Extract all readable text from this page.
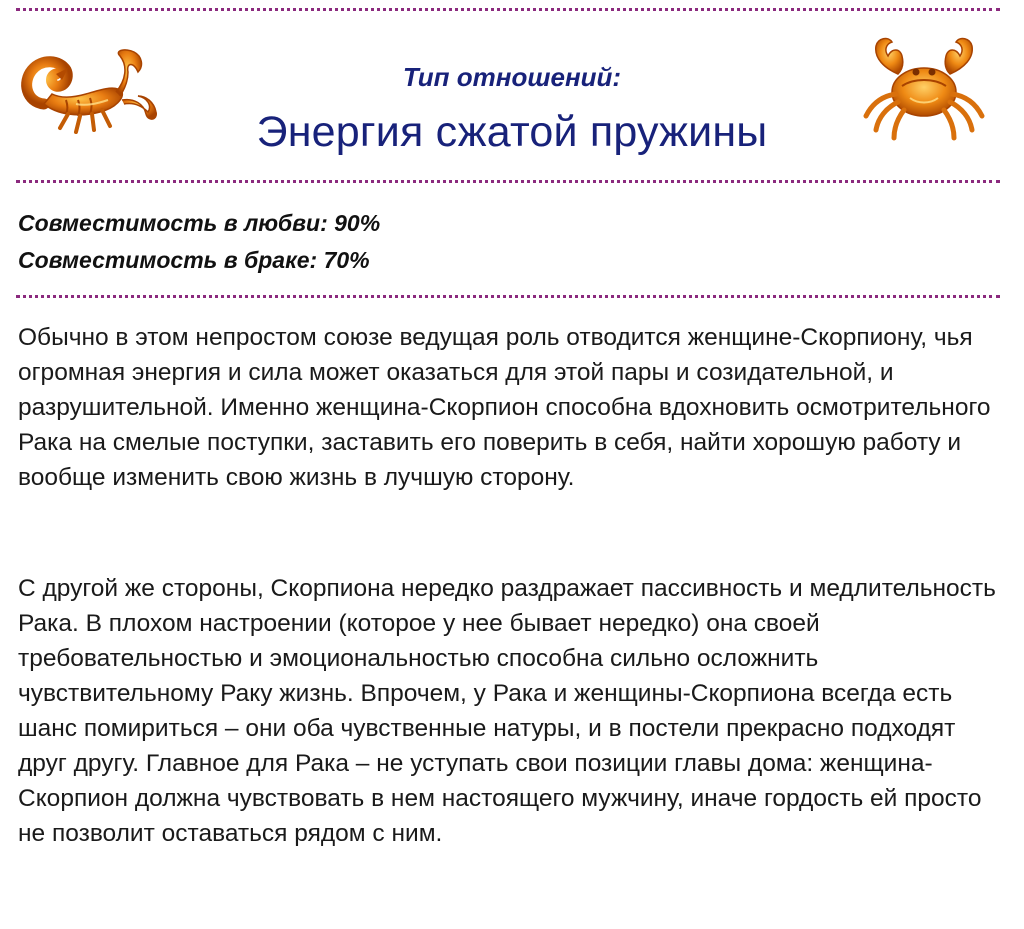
Тип отношений:
Энергия сжатой пружины
Совместимость в любви: 90%
Совместимость в браке: 70%

Обычно в этом непростом союзе ведущая роль отводится женщине-Скорпиону, чья огромная энергия и сила может оказаться для этой пары и созидательной, и разрушительной. Именно женщина-Скорпион способна вдохновить осмотрительного Рака на смелые поступки, заставить его поверить в себя, найти хорошую работу и вообще изменить свою жизнь в лучшую сторону.

С другой же стороны, Скорпиона нередко раздражает пассивность и медлительность Рака. В плохом настроении (которое у нее бывает нередко) она своей требовательностью и эмоциональностью способна сильно осложнить чувствительному Раку жизнь. Впрочем, у Рака и женщины-Скорпиона всегда есть шанс помириться – они оба чувственные натуры, и в постели прекрасно подходят друг другу. Главное для Рака – не уступать свои позиции главы дома: женщина-Скорпион должна чувствовать в нем настоящего мужчину, иначе гордость ей просто не позволит оставаться рядом с ним.
